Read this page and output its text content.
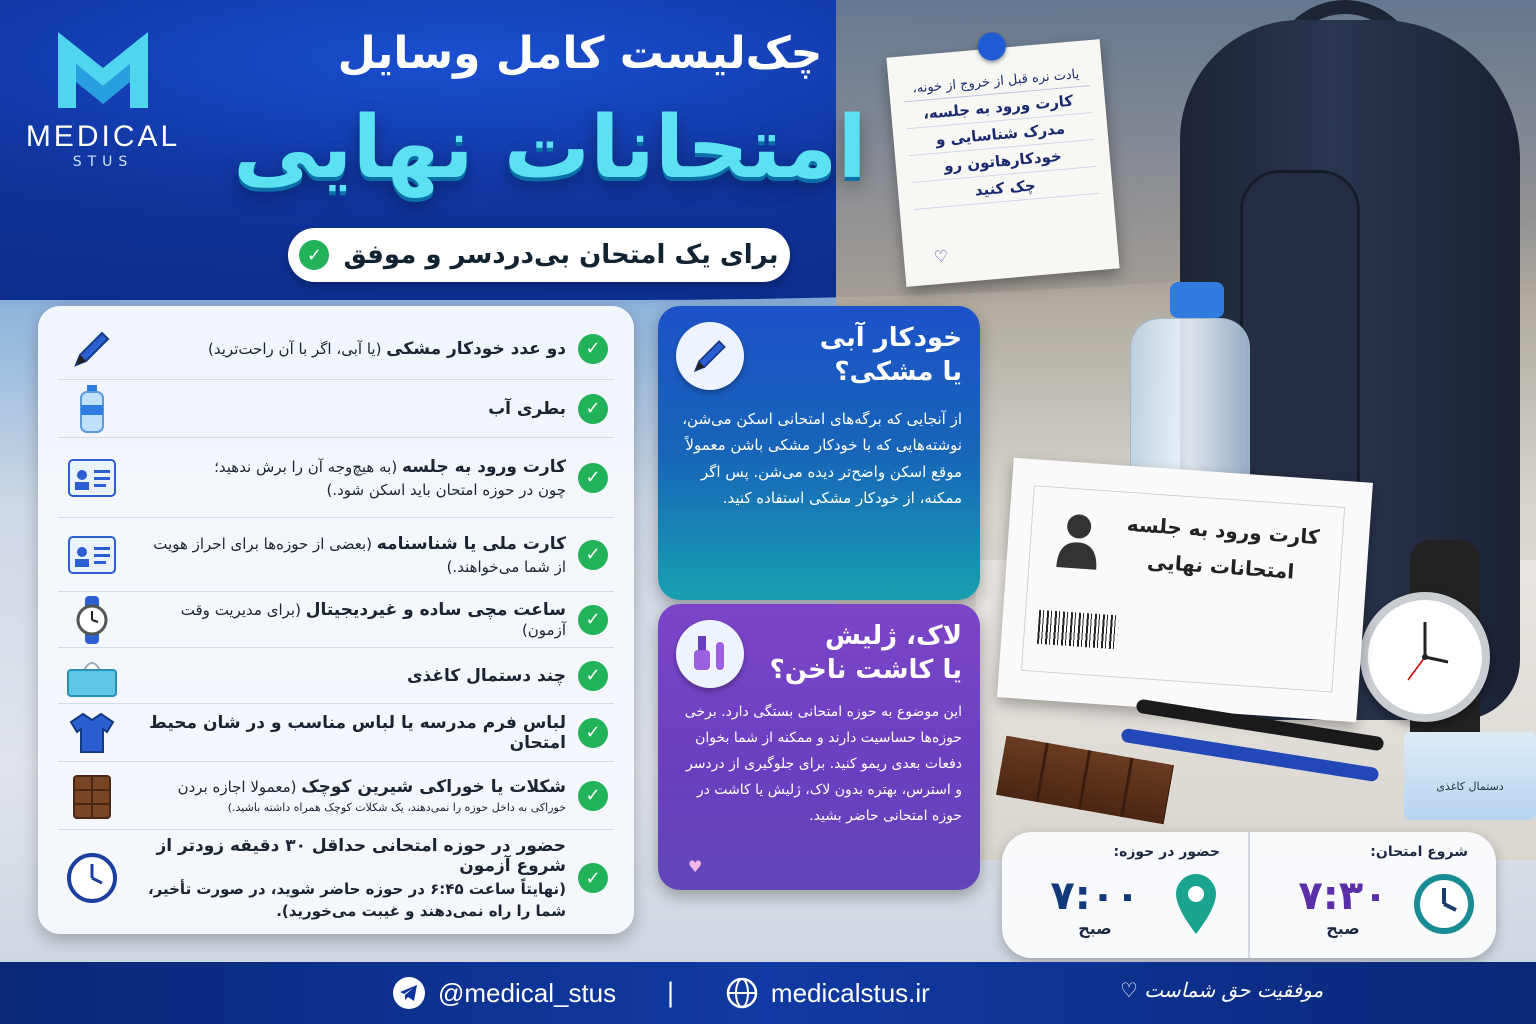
کارت ورود به جلسه
امتحانات نهایی
دستمال کاغذی
MEDICAL
STUS
چک‌لیست کامل وسایل
امتحانات نهایی
برای یک امتحان بی‌دردسر و موفق
✓
یادت نره قبل از خروج از خونه،
کارت ورود به جلسه،
مدرک شناسایی و
خودکارهاتون رو
چک کنید
♡
✓
دو عدد خودکار مشکی (یا آبی، اگر با آن راحت‌ترید)
✓
بطری آب
✓
کارت ورود به جلسه (به هیچ‌وجه آن را برش ندهید؛
چون در حوزه امتحان باید اسکن شود.)
✓
کارت ملی یا شناسنامه (بعضی از حوزه‌ها برای احراز هویت
از شما می‌خواهند.)
✓
ساعت مچی ساده و غیردیجیتال (برای مدیریت وقت آزمون)
✓
چند دستمال کاغذی
✓
لباس فرم مدرسه یا لباس مناسب و در شان محیط امتحان
✓
شکلات یا خوراکی شیرین کوچک (معمولا اجازه بردن
خوراکی به داخل حوزه را نمی‌دهند، یک شکلات کوچک همراه داشته باشید.)
✓
حضور در حوزه امتحانی حداقل ۳۰ دقیقه زودتر از شروع آزمون
(نهایتاً ساعت ۶:۴۵ در حوزه حاضر شوید، در صورت تأخیر،
شما را راه نمی‌دهند و غیبت می‌خورید).
خودکار آبی
یا مشکی؟
از آنجایی که برگه‌های امتحانی اسکن می‌شن، نوشته‌هایی که با خودکار مشکی باشن معمولاً موقع اسکن واضح‌تر دیده می‌شن. پس اگر ممکنه، از خودکار مشکی استفاده کنید.
لاک، ژلیش
یا کاشت ناخن؟
این موضوع به حوزه امتحانی بستگی دارد. برخی حوزه‌ها حساسیت دارند و ممکنه از شما بخوان دفعات بعدی ریمو کنید. برای جلوگیری از دردسر و استرس، بهتره بدون لاک، ژلیش یا کاشت در حوزه امتحانی حاضر بشید.
♥
شروع امتحان:
۷:۳۰
صبح
حضور در حوزه:
۷:۰۰
صبح
@medical_stus |	medicalstus.ir	موفقیت حق شماست ♡
